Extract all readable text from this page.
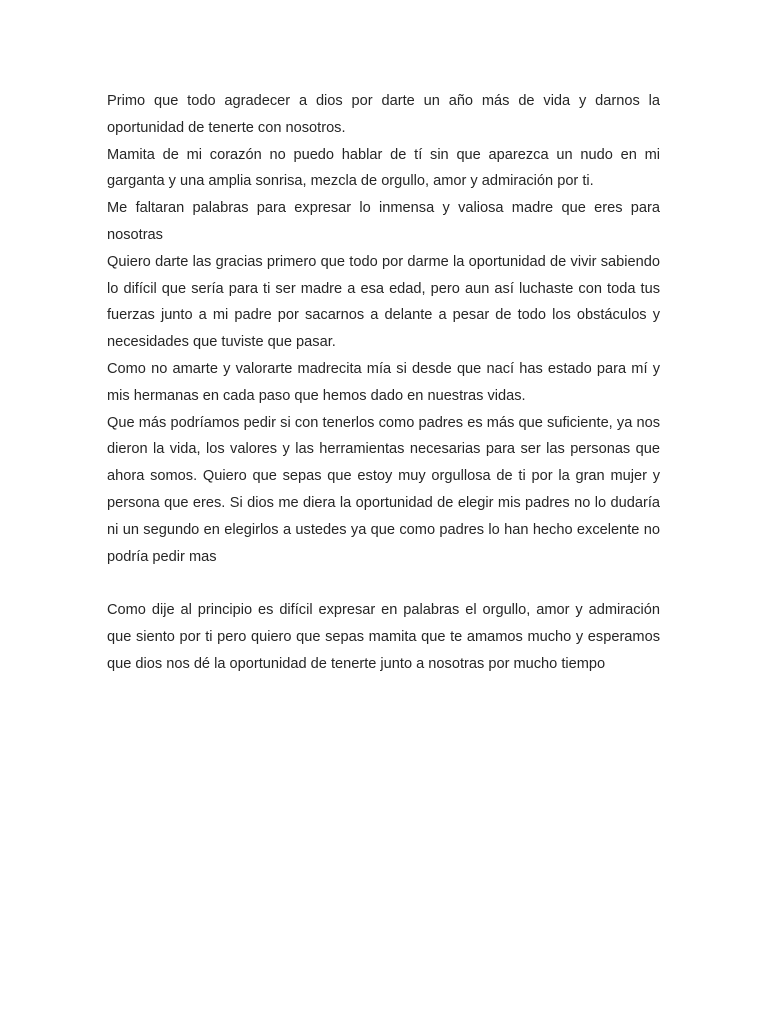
Primo que todo agradecer a dios por darte un año más de vida y darnos la oportunidad de tenerte con nosotros.

Mamita de mi corazón no puedo hablar de tí sin que aparezca un nudo en mi garganta y una amplia sonrisa, mezcla de orgullo, amor y admiración por ti.

Me faltaran palabras para expresar lo inmensa y valiosa madre que eres para nosotras

Quiero darte las gracias primero que todo por darme la oportunidad de vivir sabiendo lo difícil que sería para ti ser madre a esa edad, pero aun así luchaste con toda tus fuerzas junto a mi padre por sacarnos a delante a pesar de todo los obstáculos y necesidades que tuviste que pasar.

Como no amarte y valorarte madrecita mía si desde que nací has estado para mí y mis hermanas en cada paso que hemos dado en nuestras vidas.

Que más podríamos pedir si con tenerlos como padres es más que suficiente, ya nos dieron la vida, los valores y las herramientas necesarias para ser las personas que ahora somos. Quiero que sepas que estoy muy orgullosa de ti por la gran mujer y persona que eres. Si dios me diera la oportunidad de elegir mis padres no lo dudaría ni un segundo en elegirlos a ustedes ya que como padres lo han hecho excelente no podría pedir mas

Como dije al principio es difícil expresar en palabras el orgullo, amor y admiración que siento por ti pero quiero que sepas mamita que te amamos mucho y esperamos que dios nos dé la oportunidad de tenerte junto a nosotras por mucho tiempo
